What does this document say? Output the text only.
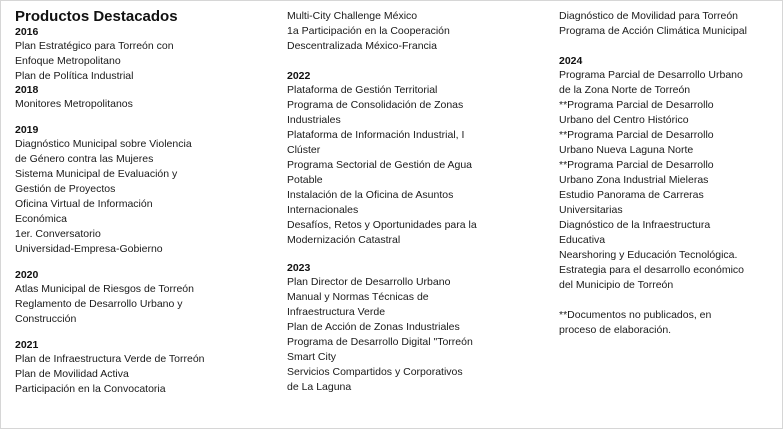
Productos Destacados
2016
Plan Estratégico para Torreón con
Enfoque Metropolitano
Plan de Política Industrial
2018
Monitores Metropolitanos
2019
Diagnóstico Municipal sobre Violencia
de Género contra las Mujeres
Sistema Municipal de Evaluación y
Gestión de Proyectos
Oficina Virtual de Información
Económica
1er. Conversatorio
Universidad-Empresa-Gobierno
2020
Atlas Municipal de Riesgos de Torreón
Reglamento de Desarrollo Urbano y
Construcción
2021
Plan de Infraestructura Verde de Torreón
Plan de Movilidad Activa
Participación en la Convocatoria
Multi-City Challenge México
1a Participación en la Cooperación
Descentralizada México-Francia
2022
Plataforma de Gestión Territorial
Programa de Consolidación de Zonas
Industriales
Plataforma de Información Industrial, I
Clúster
Programa Sectorial de Gestión de Agua
Potable
Instalación de la Oficina de Asuntos
Internacionales
Desafíos, Retos y Oportunidades para la
Modernización Catastral
2023
Plan Director de Desarrollo Urbano
Manual y Normas Técnicas de
Infraestructura Verde
Plan de Acción de Zonas Industriales
Programa de Desarrollo Digital "Torreón
Smart City
Servicios Compartidos y Corporativos
de La Laguna
Diagnóstico de Movilidad para Torreón
Programa de Acción Climática Municipal
2024
Programa Parcial de Desarrollo Urbano
de la Zona Norte de Torreón
**Programa Parcial de Desarrollo
Urbano del Centro Histórico
**Programa Parcial de Desarrollo
Urbano Nueva Laguna Norte
**Programa Parcial de Desarrollo
Urbano Zona Industrial Mieleras
Estudio Panorama de Carreras
Universitarias
Diagnóstico de la Infraestructura
Educativa
Nearshoring y Educación Tecnológica.
Estrategia para el desarrollo económico
del Municipio de Torreón
**Documentos no publicados, en
proceso de elaboración.
